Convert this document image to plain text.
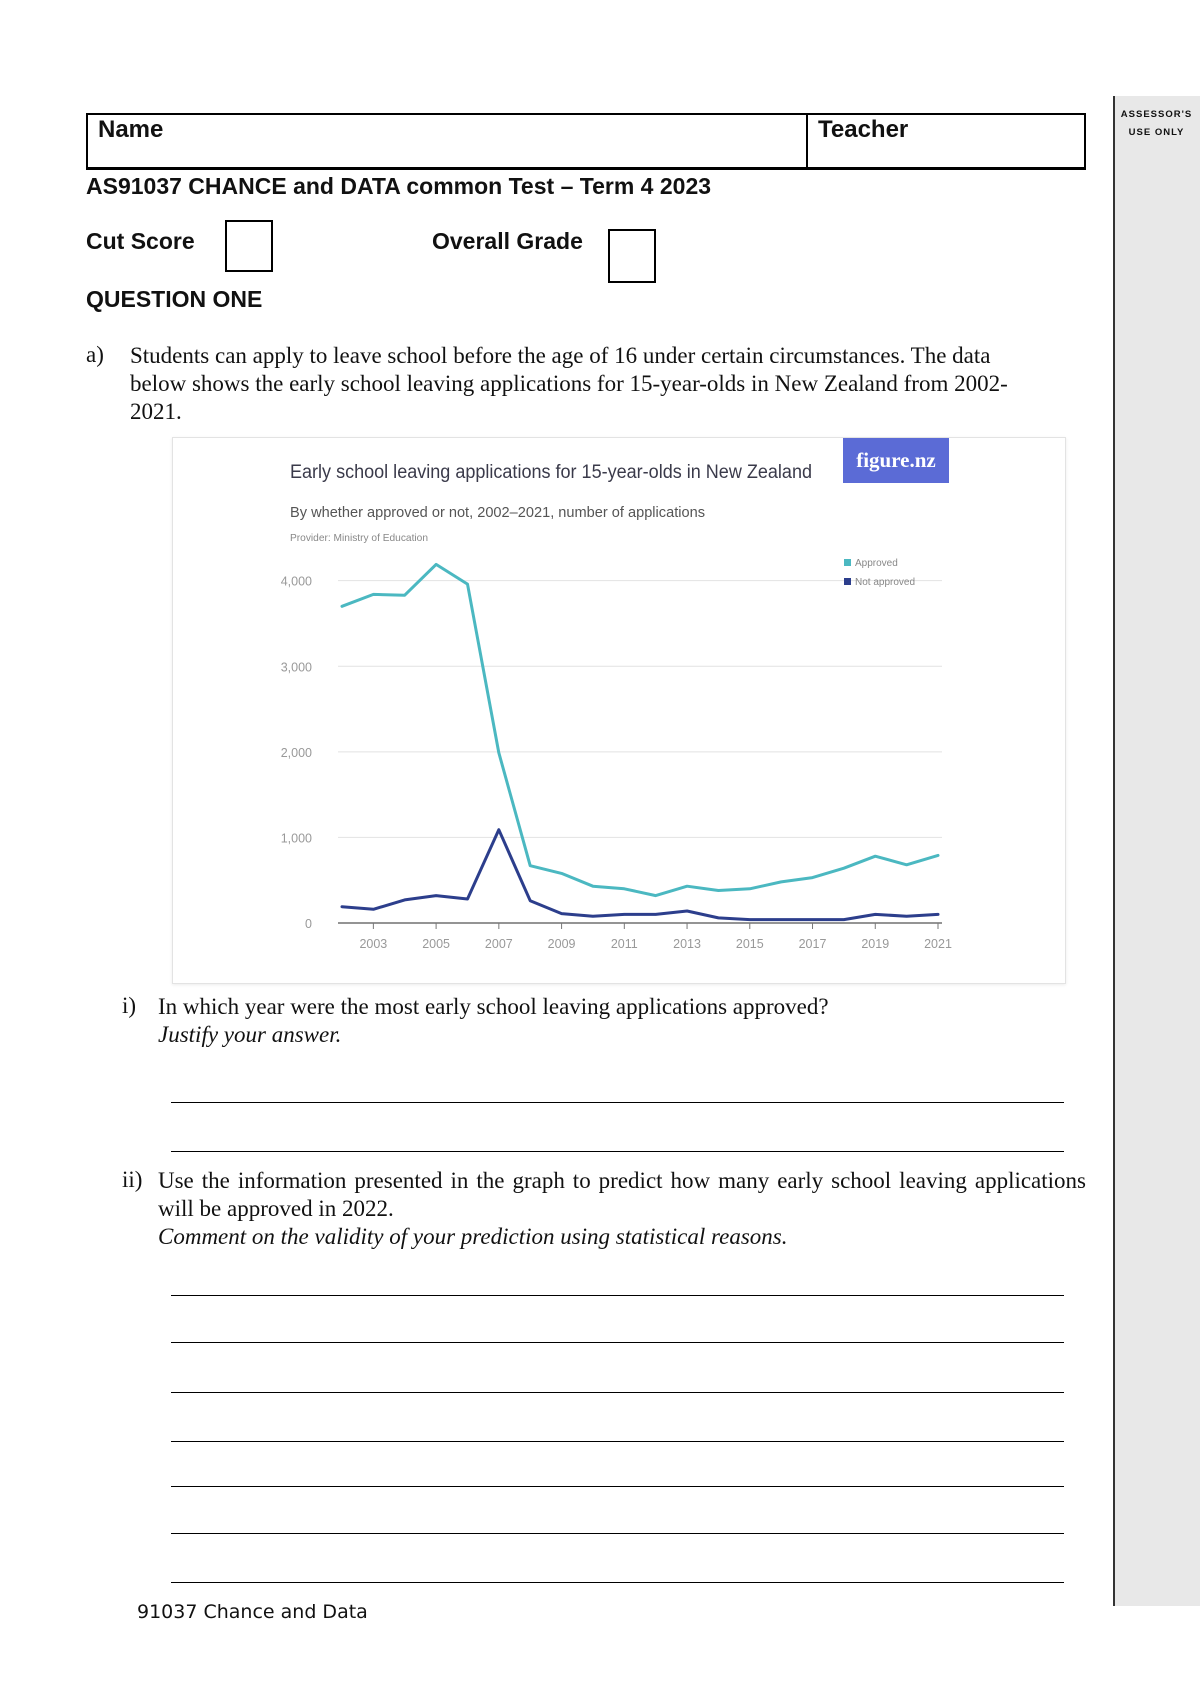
ASSESSOR'S
USE ONLY
Name	Teacher
AS91037 CHANCE and DATA common Test – Term 4 2023
Cut Score	Overall Grade
QUESTION ONE
a) Students can apply to leave school before the age of 16 under certain circumstances. The data below shows the early school leaving applications for 15-year-olds in New Zealand from 2002-2021.
0
1,000
2,000
3,000
4,000
2003	2005	2007	2009	2011	2013	2015	2017	2019	2021
Early school leaving applications for 15-year-olds in New Zealand
By whether approved or not, 2002–2021, number of applications
Provider: Ministry of Education
figure.nz
Approved
Not approved
i) In which year were the most early school leaving applications approved?
Justify your answer.
ii) Use the information presented in the graph to predict how many early school leaving applications will be approved in 2022.
Comment on the validity of your prediction using statistical reasons.
91037 Chance and Data
